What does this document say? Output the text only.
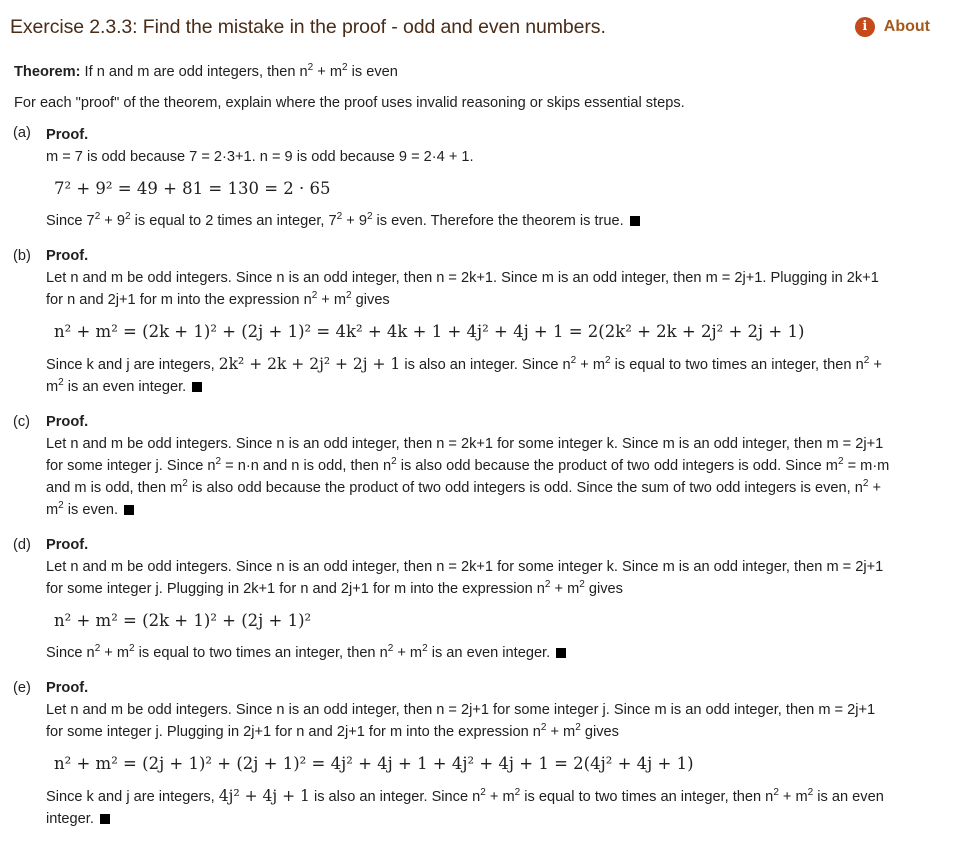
Exercise 2.3.3: Find the mistake in the proof - odd and even numbers.	i	About

Theorem: If n and m are odd integers, then $n^2 + m^2$ is even

For each "proof" of the theorem, explain where the proof uses invalid reasoning or skips essential steps.

(a)	Proof.

m = 7 is odd because 7 = 2·3+1. n = 9 is odd because 9 = 2·4 + 1.

7² + 9² = 49 + 81 = 130 = 2 · 65

Since $7^2 + 9^2$ is equal to 2 times an integer, $7^2 + 9^2$ is even. Therefore the theorem is true.

(b)	Proof.

Let n and m be odd integers. Since n is an odd integer, then n = 2k+1. Since m is an odd integer, then m = 2j+1. Plugging in 2k+1

for n and 2j+1 for m into the expression $n^2 + m^2$ gives

n² + m² = (2k + 1)² + (2j + 1)² = 4k² + 4k + 1 + 4j² + 4j + 1 = 2(2k² + 2k + 2j² + 2j + 1)

Since k and j are integers, 2k² + 2k + 2j² + 2j + 1 is also an integer. Since $n^2 + m^2$ is equal to two times an integer, then $n^2$ +

$m^2$ is an even integer.

(c)	Proof.

Let n and m be odd integers. Since n is an odd integer, then n = 2k+1 for some integer k. Since m is an odd integer, then m = 2j+1

for some integer j. Since $n^2 = n\cdot n$ and n is odd, then $n^2$ is also odd because the product of two odd integers is odd. Since $m^2 = m\cdot m$

and m is odd, then $m^2$ is also odd because the product of two odd integers is odd. Since the sum of two odd integers is even, $n^2$ +

$m^2$ is even.

(d)	Proof.

Let n and m be odd integers. Since n is an odd integer, then n = 2k+1 for some integer k. Since m is an odd integer, then m = 2j+1

for some integer j. Plugging in 2k+1 for n and 2j+1 for m into the expression $n^2 + m^2$ gives

n² + m² = (2k + 1)² + (2j + 1)²

Since $n^2 + m^2$ is equal to two times an integer, then $n^2 + m^2$ is an even integer.

(e)	Proof.

Let n and m be odd integers. Since n is an odd integer, then n = 2j+1 for some integer j. Since m is an odd integer, then m = 2j+1

for some integer j. Plugging in 2j+1 for n and 2j+1 for m into the expression $n^2 + m^2$ gives

n² + m² = (2j + 1)² + (2j + 1)² = 4j² + 4j + 1 + 4j² + 4j + 1 = 2(4j² + 4j + 1)

Since k and j are integers, 4j² + 4j + 1 is also an integer. Since $n^2 + m^2$ is equal to two times an integer, then $n^2 + m^2$ is an even

integer.
